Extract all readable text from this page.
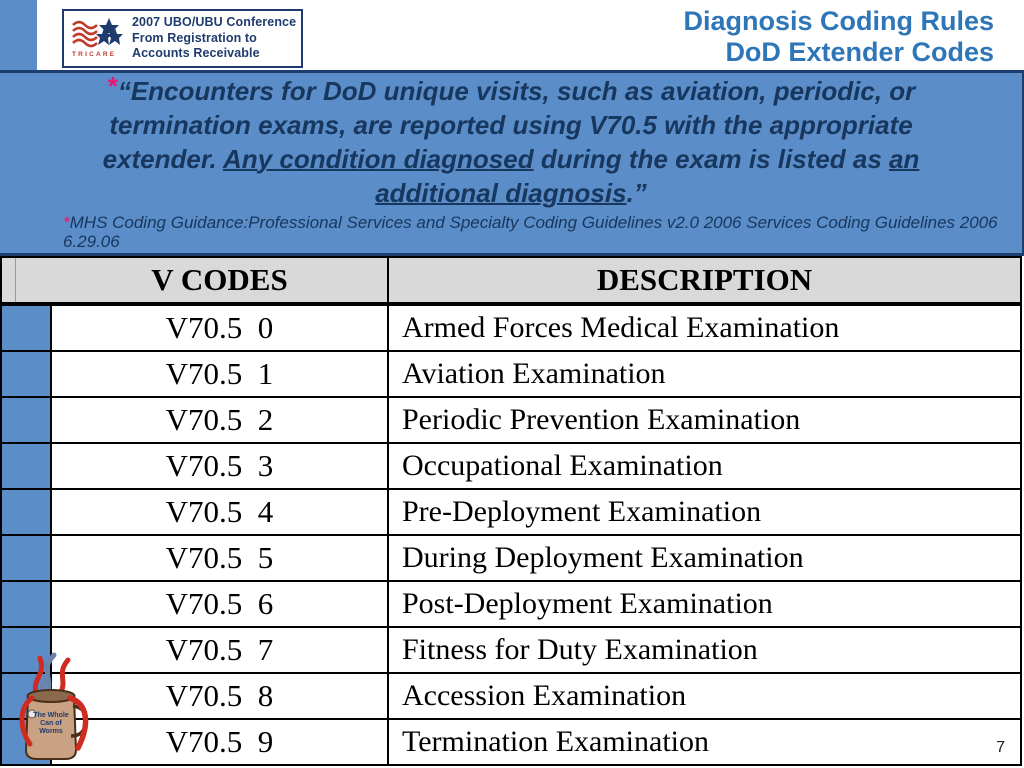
TRICARE
2007 UBO/UBU Conference
From Registration to
Accounts Receivable
Diagnosis Coding Rules
DoD Extender Codes
*“Encounters for DoD unique visits, such as aviation, periodic, or termination exams, are reported using V70.5 with the appropriate extender. Any condition diagnosed during the exam is listed as an additional diagnosis.”
*MHS Coding Guidance:Professional Services and Specialty Coding Guidelines v2.0 2006 Services Coding Guidelines 2006 6.29.06
	V CODES	DESCRIPTION
	V70.5  0	Armed Forces Medical Examination
	V70.5  1	Aviation Examination
	V70.5  2	Periodic Prevention Examination
	V70.5  3	Occupational Examination
	V70.5  4	Pre-Deployment Examination
	V70.5  5	During Deployment Examination
	V70.5  6	Post-Deployment Examination
	V70.5  7	Fitness for Duty Examination
	V70.5  8	Accession Examination
	V70.5  9	Termination Examination
The Whole Can of Worms
7
